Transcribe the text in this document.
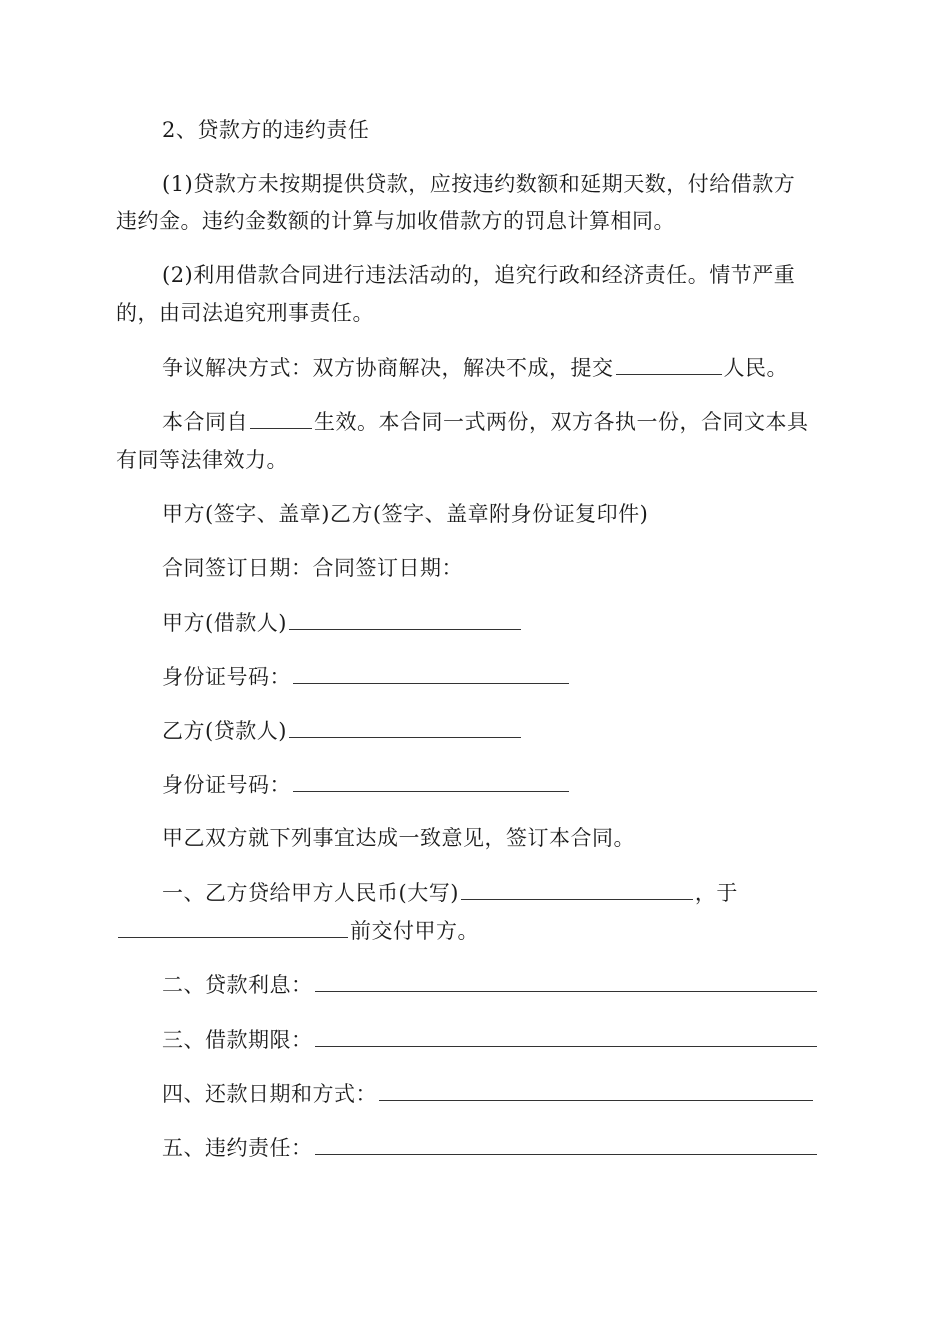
2、贷款方的违约责任
(1)贷款方未按期提供贷款，应按违约数额和延期天数，付给借款方
违约金。违约金数额的计算与加收借款方的罚息计算相同。
(2)利用借款合同进行违法活动的，追究行政和经济责任。情节严重
的，由司法追究刑事责任。
争议解决方式：双方协商解决，解决不成，提交	人民。
本合同自	生效。本合同一式两份，双方各执一份，合同文本具
有同等法律效力。
甲方(签字、盖章)乙方(签字、盖章附身份证复印件)
合同签订日期：合同签订日期：
甲方(借款人)
身份证号码：
乙方(贷款人)
身份证号码：
甲乙双方就下列事宜达成一致意见，签订本合同。
一、乙方贷给甲方人民币(大写)	，于
前交付甲方。
二、贷款利息：
三、借款期限：
四、还款日期和方式：
五、违约责任：
